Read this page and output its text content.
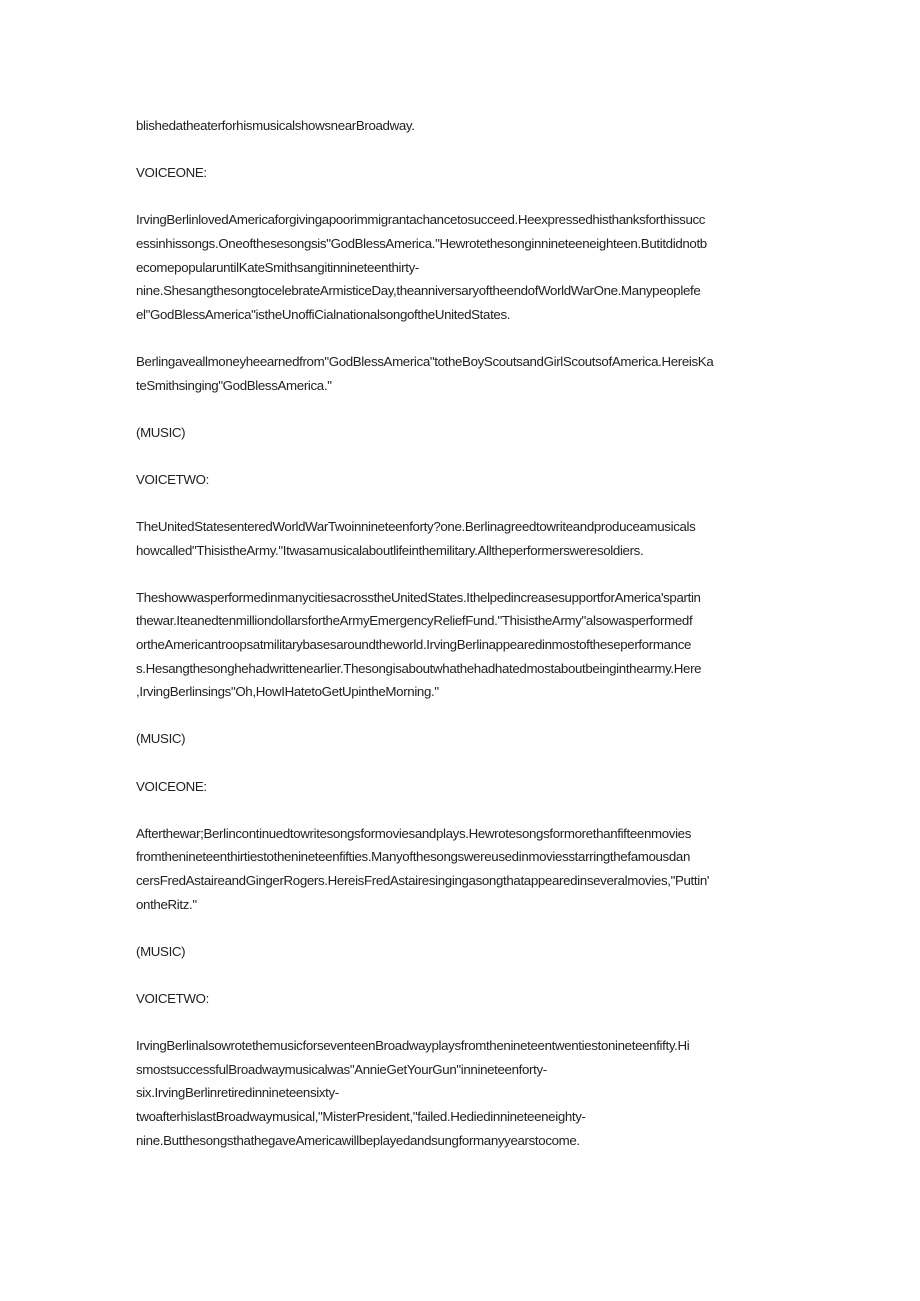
blishedatheaterforhismusicalshowsnearBroadway.

VOICEONE:

IrvingBerlinlovedAmericaforgivingapoorimmigrantachancetosucceed.Heexpressedhisthanksforthissucc
essinhissongs.Oneofthesesongsis"GodBlessAmerica."Hewrotethesonginnineteeneighteen.Butitdidnotb
ecomepopularuntilKateSmithsangitinnineteenthirty-
nine.ShesangthesongtocelebrateArmisticeDay,theanniversaryoftheendofWorldWarOne.Manypeoplefe
el"GodBlessAmerica"istheUnoffiCialnationalsongoftheUnitedStates.

Berlingaveallmoneyheearnedfrom"GodBlessAmerica"totheBoyScoutsandGirlScoutsofAmerica.HereisKa
teSmithsinging"GodBlessAmerica."

(MUSIC)

VOICETWO:

TheUnitedStatesenteredWorldWarTwoinnineteenforty?one.Berlinagreedtowriteandproduceamusicals
howcalled"ThisistheArmy."Itwasamusicalaboutlifeinthemilitary.Alltheperformersweresoldiers.

TheshowwasperformedinmanycitiesacrosstheUnitedStates.IthelpedincreasesupportforAmerica'spartin
thewar.IteanedtenmilliondollarsfortheArmyEmergencyReliefFund."ThisistheArmy"alsowasperformedf
ortheAmericantroopsatmilitarybasesaroundtheworld.IrvingBerlinappearedinmostoftheseperformance
s.Hesangthesonghehadwrittenearlier.Thesongisaboutwhathehadhatedmostaboutbeinginthearmy.Here
,IrvingBerlinsings"Oh,HowIHatetoGetUpintheMorning."

(MUSIC)

VOICEONE:

Afterthewar;Berlincontinuedtowritesongsformoviesandplays.Hewrotesongsformorethanfifteenmovies
fromthenineteenthirtiestothenineteenfifties.Manyofthesongswereusedinmoviesstarringthefamousdan
cersFredAstaireandGingerRogers.HereisFredAstairesingingasongthatappearedinseveralmovies,"Puttin'
ontheRitz."

(MUSIC)

VOICETWO:

IrvingBerlinalsowrotethemusicforseventeenBroadwayplaysfromthenineteentwentiestonineteenfifty.Hi
smostsuccessfulBroadwaymusicalwas"AnnieGetYourGun"innineteenforty-
six.IrvingBerlinretiredinnineteensixty-
twoafterhislastBroadwaymusical,"MisterPresident,"failed.Hediedinnineteeneighty-
nine.ButthesongsthathegaveAmericawillbeplayedandsungformanyyearstocome.
